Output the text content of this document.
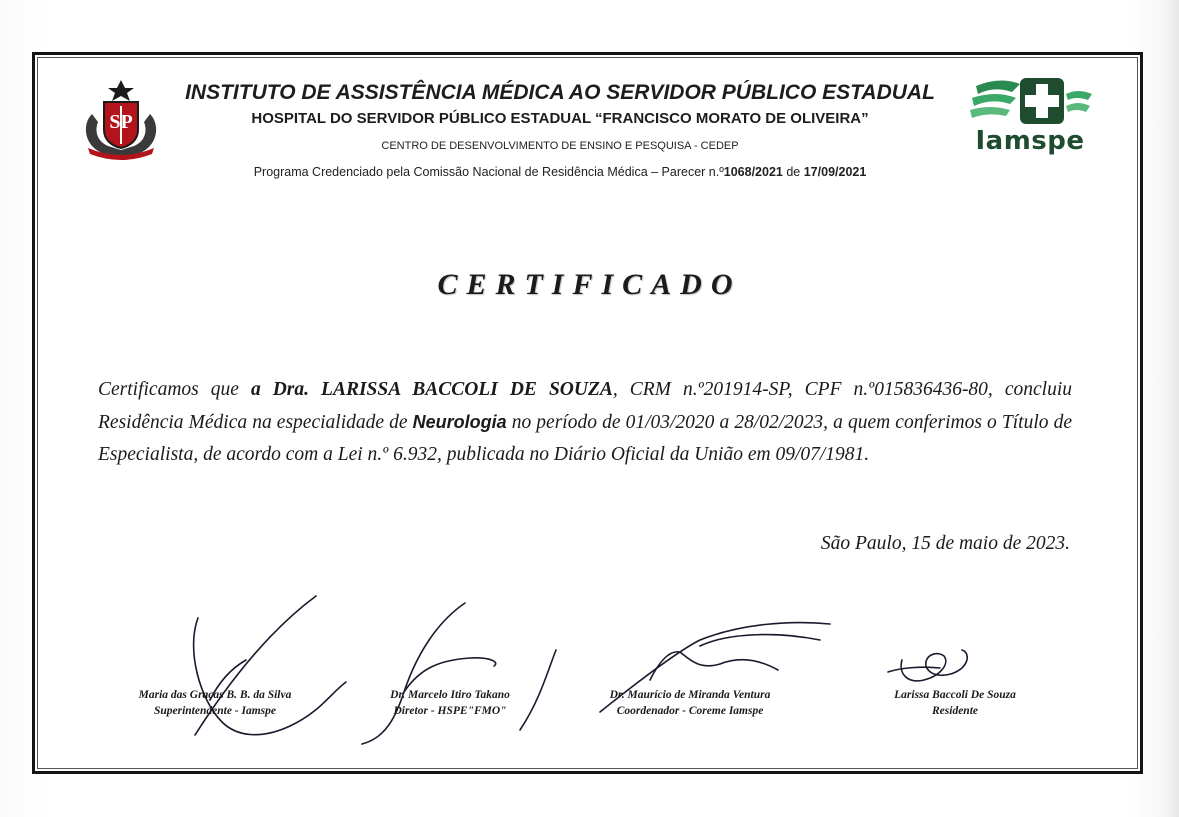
SP
Iamspe
INSTITUTO DE ASSISTÊNCIA MÉDICA AO SERVIDOR PÚBLICO ESTADUAL
HOSPITAL DO SERVIDOR PÚBLICO ESTADUAL “FRANCISCO MORATO DE OLIVEIRA”
CENTRO DE DESENVOLVIMENTO DE ENSINO E PESQUISA - CEDEP
Programa Credenciado pela Comissão Nacional de Residência Médica – Parecer n.º1068/2021 de 17/09/2021
CERTIFICADO
Certificamos que a Dra. LARISSA BACCOLI DE SOUZA, CRM n.º201914-SP, CPF n.º015836436-80, concluiu Residência Médica na especialidade de Neurologia no período de 01/03/2020 a 28/02/2023, a quem conferimos o Título de Especialista, de acordo com a Lei n.º 6.932, publicada no Diário Oficial da União em 09/07/1981.
São Paulo, 15 de maio de 2023.
Maria das Graças B. B. da Silva
Superintendente - Iamspe
Dr. Marcelo Itiro Takano
Diretor - HSPE"FMO"
Dr. Maurício de Miranda Ventura
Coordenador - Coreme Iamspe
Larissa Baccoli De Souza
Residente
